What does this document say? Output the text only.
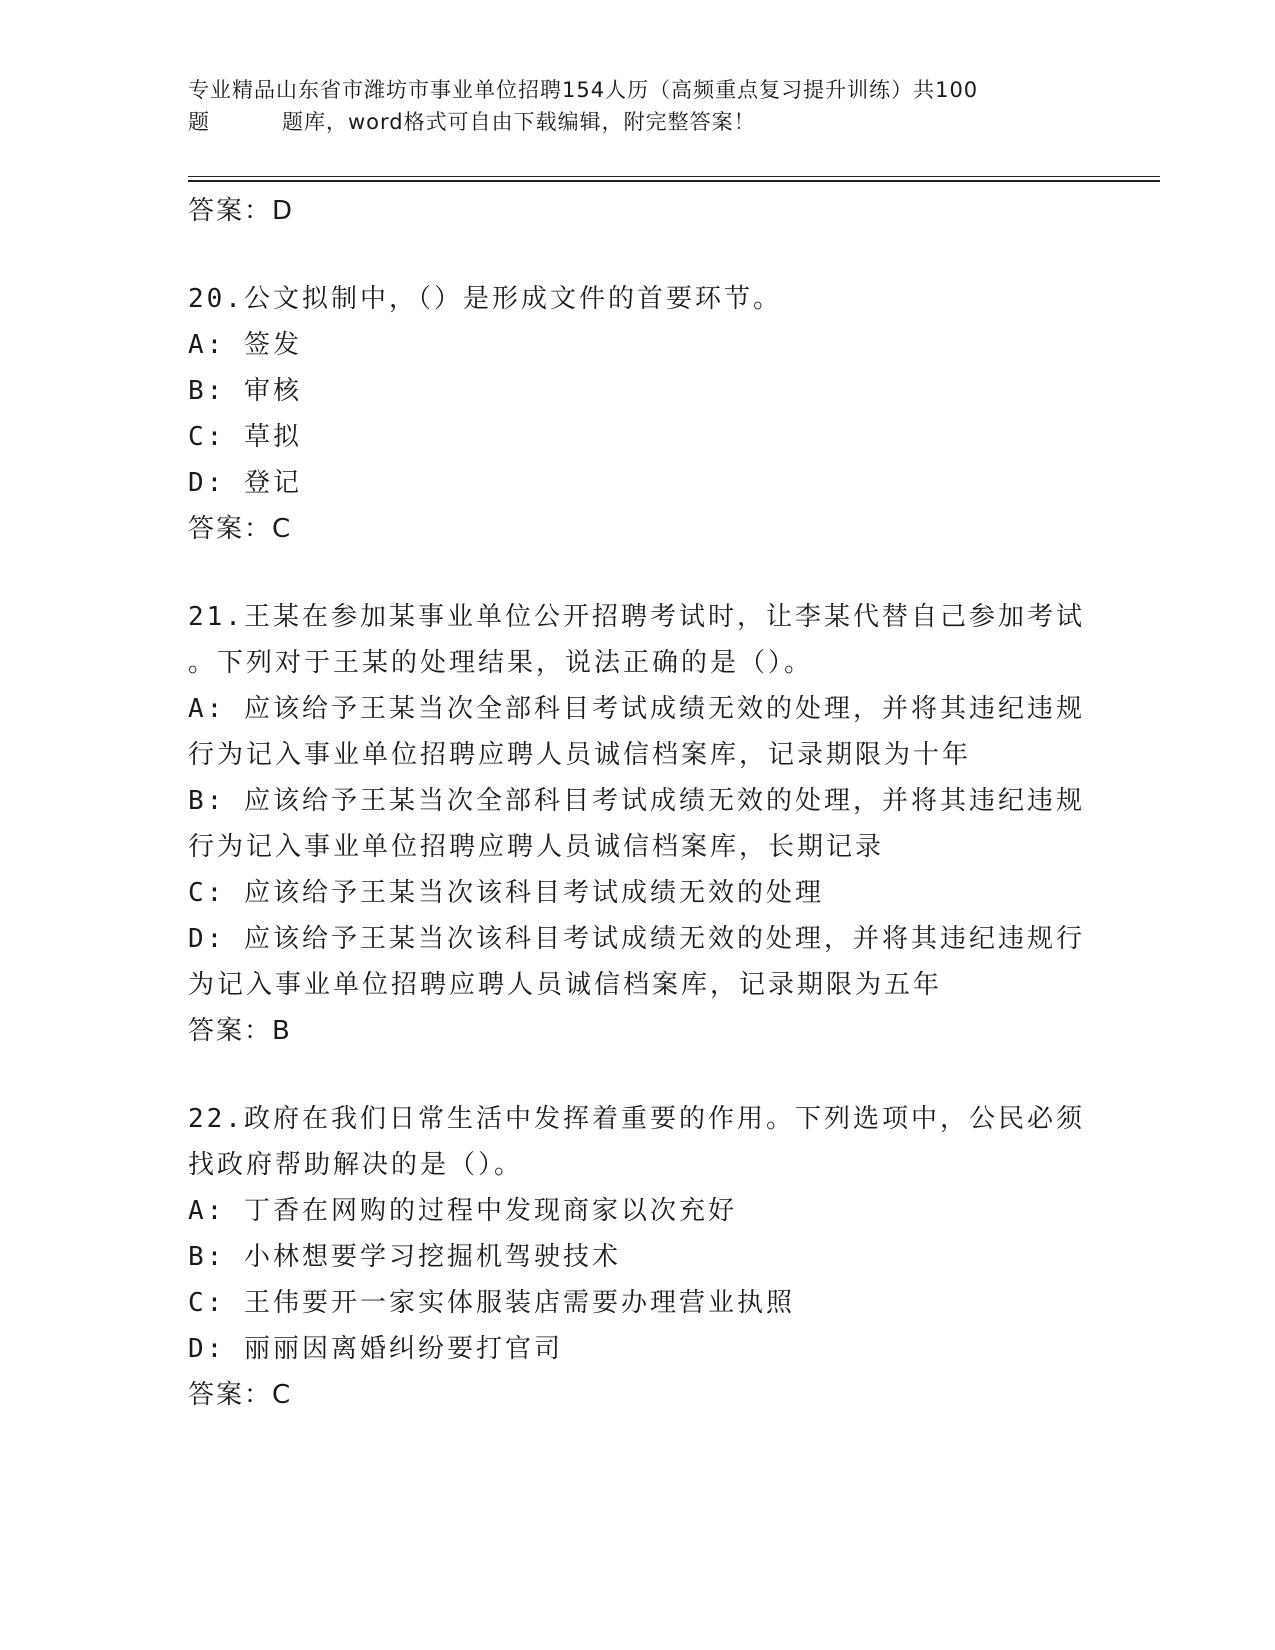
专业精品山东省市潍坊市事业单位招聘154人历（高频重点复习提升训练）共100
题	题库，word格式可自由下载编辑，附完整答案！
答案：D
20.公文拟制中，（）是形成文件的首要环节。
A: 签发
B: 审核
C: 草拟
D: 登记
答案：C
21.王某在参加某事业单位公开招聘考试时，让李某代替自己参加考试
。下列对于王某的处理结果，说法正确的是（）。
A: 应该给予王某当次全部科目考试成绩无效的处理，并将其违纪违规
行为记入事业单位招聘应聘人员诚信档案库，记录期限为十年
B: 应该给予王某当次全部科目考试成绩无效的处理，并将其违纪违规
行为记入事业单位招聘应聘人员诚信档案库，长期记录
C: 应该给予王某当次该科目考试成绩无效的处理
D: 应该给予王某当次该科目考试成绩无效的处理，并将其违纪违规行
为记入事业单位招聘应聘人员诚信档案库，记录期限为五年
答案：B
22.政府在我们日常生活中发挥着重要的作用。下列选项中，公民必须
找政府帮助解决的是（）。
A: 丁香在网购的过程中发现商家以次充好
B: 小林想要学习挖掘机驾驶技术
C: 王伟要开一家实体服装店需要办理营业执照
D: 丽丽因离婚纠纷要打官司
答案：C
